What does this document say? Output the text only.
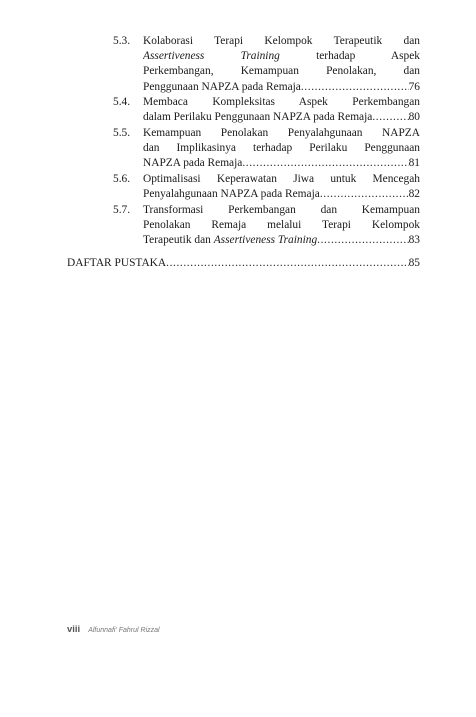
5.3. Kolaborasi Terapi Kelompok Terapeutik dan
Assertiveness	Training terhadap Aspek
Perkembangan, Kemampuan Penolakan, dan
Penggunaan NAPZA pada Remaja .....	76
5.4. Membaca Kompleksitas Aspek Perkembangan
dalam Perilaku Penggunaan NAPZA pada Remaja .....	80
5.5. Kemampuan Penolakan Penyalahgunaan NAPZA
dan Implikasinya terhadap Perilaku Penggunaan
NAPZA pada Remaja .....	81
5.6. Optimalisasi Keperawatan Jiwa untuk Mencegah
Penyalahgunaan NAPZA pada Remaja .....	82
5.7. Transformasi Perkembangan dan Kemampuan
Penolakan Remaja melalui Terapi Kelompok
Terapeutik dan Assertiveness Training .....	83
DAFTAR PUSTAKA .....	85
viii Alfunnafi' Fahrul Rizzal
